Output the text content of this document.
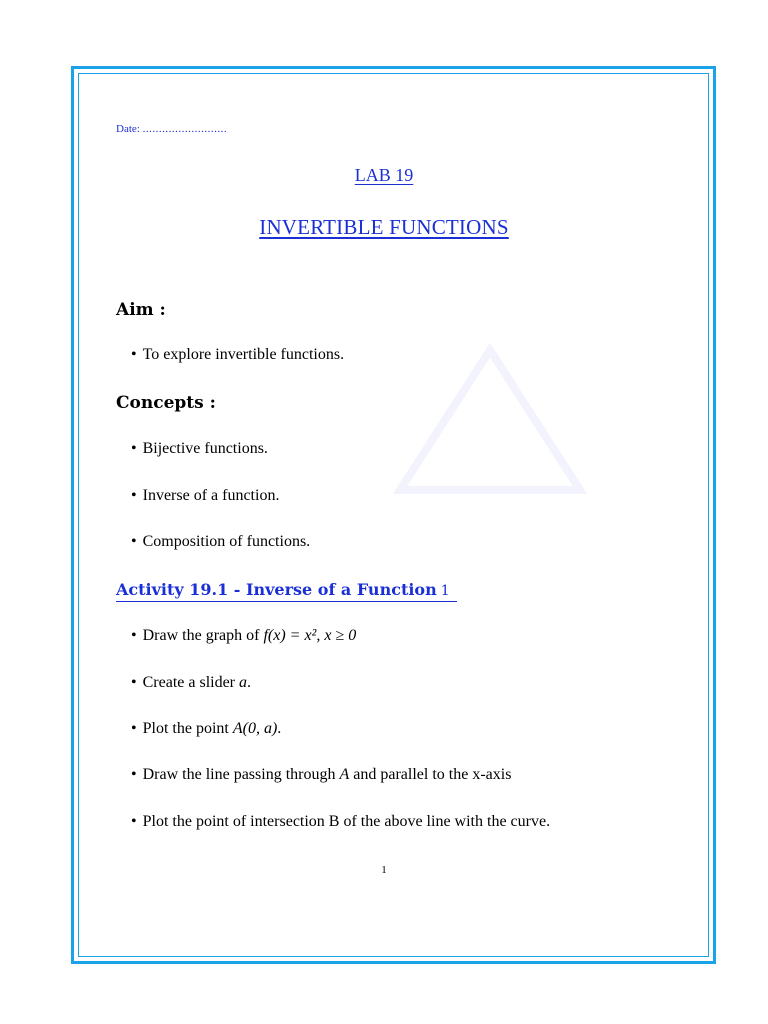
Date: ..........................
LAB 19
INVERTIBLE FUNCTIONS
Aim :
• To explore invertible functions.
Concepts :
• Bijective functions.
• Inverse of a function.
• Composition of functions.
Activity 19.1 - Inverse of a Function 1
• Draw the graph of f(x) = x², x ≥ 0
• Create a slider a.
• Plot the point A(0, a).
• Draw the line passing through A and parallel to the x-axis
• Plot the point of intersection B of the above line with the curve.
1
